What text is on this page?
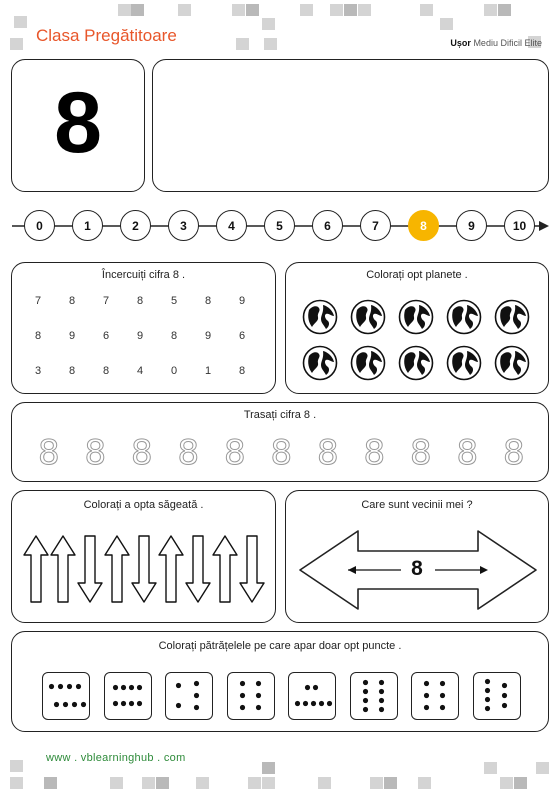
Clasa Pregătitoare	Ușor Mediu Dificil Elite
8
0	1	2	3	4	5	6	7	8	9	10
Încercuiți cifra 8 .
7	8	7	8	5	8	9
8	9	6	9	8	9	6
3	8	8	4	0	1	8
Colorați opt planete .
Trasați cifra 8 .
8 8 8 8 8 8 8 8 8 8 8
Colorați a opta săgeată .	Care sunt vecinii mei ?
8
Colorați pătrățelele pe care apar doar opt puncte .
www . vblearninghub . com
